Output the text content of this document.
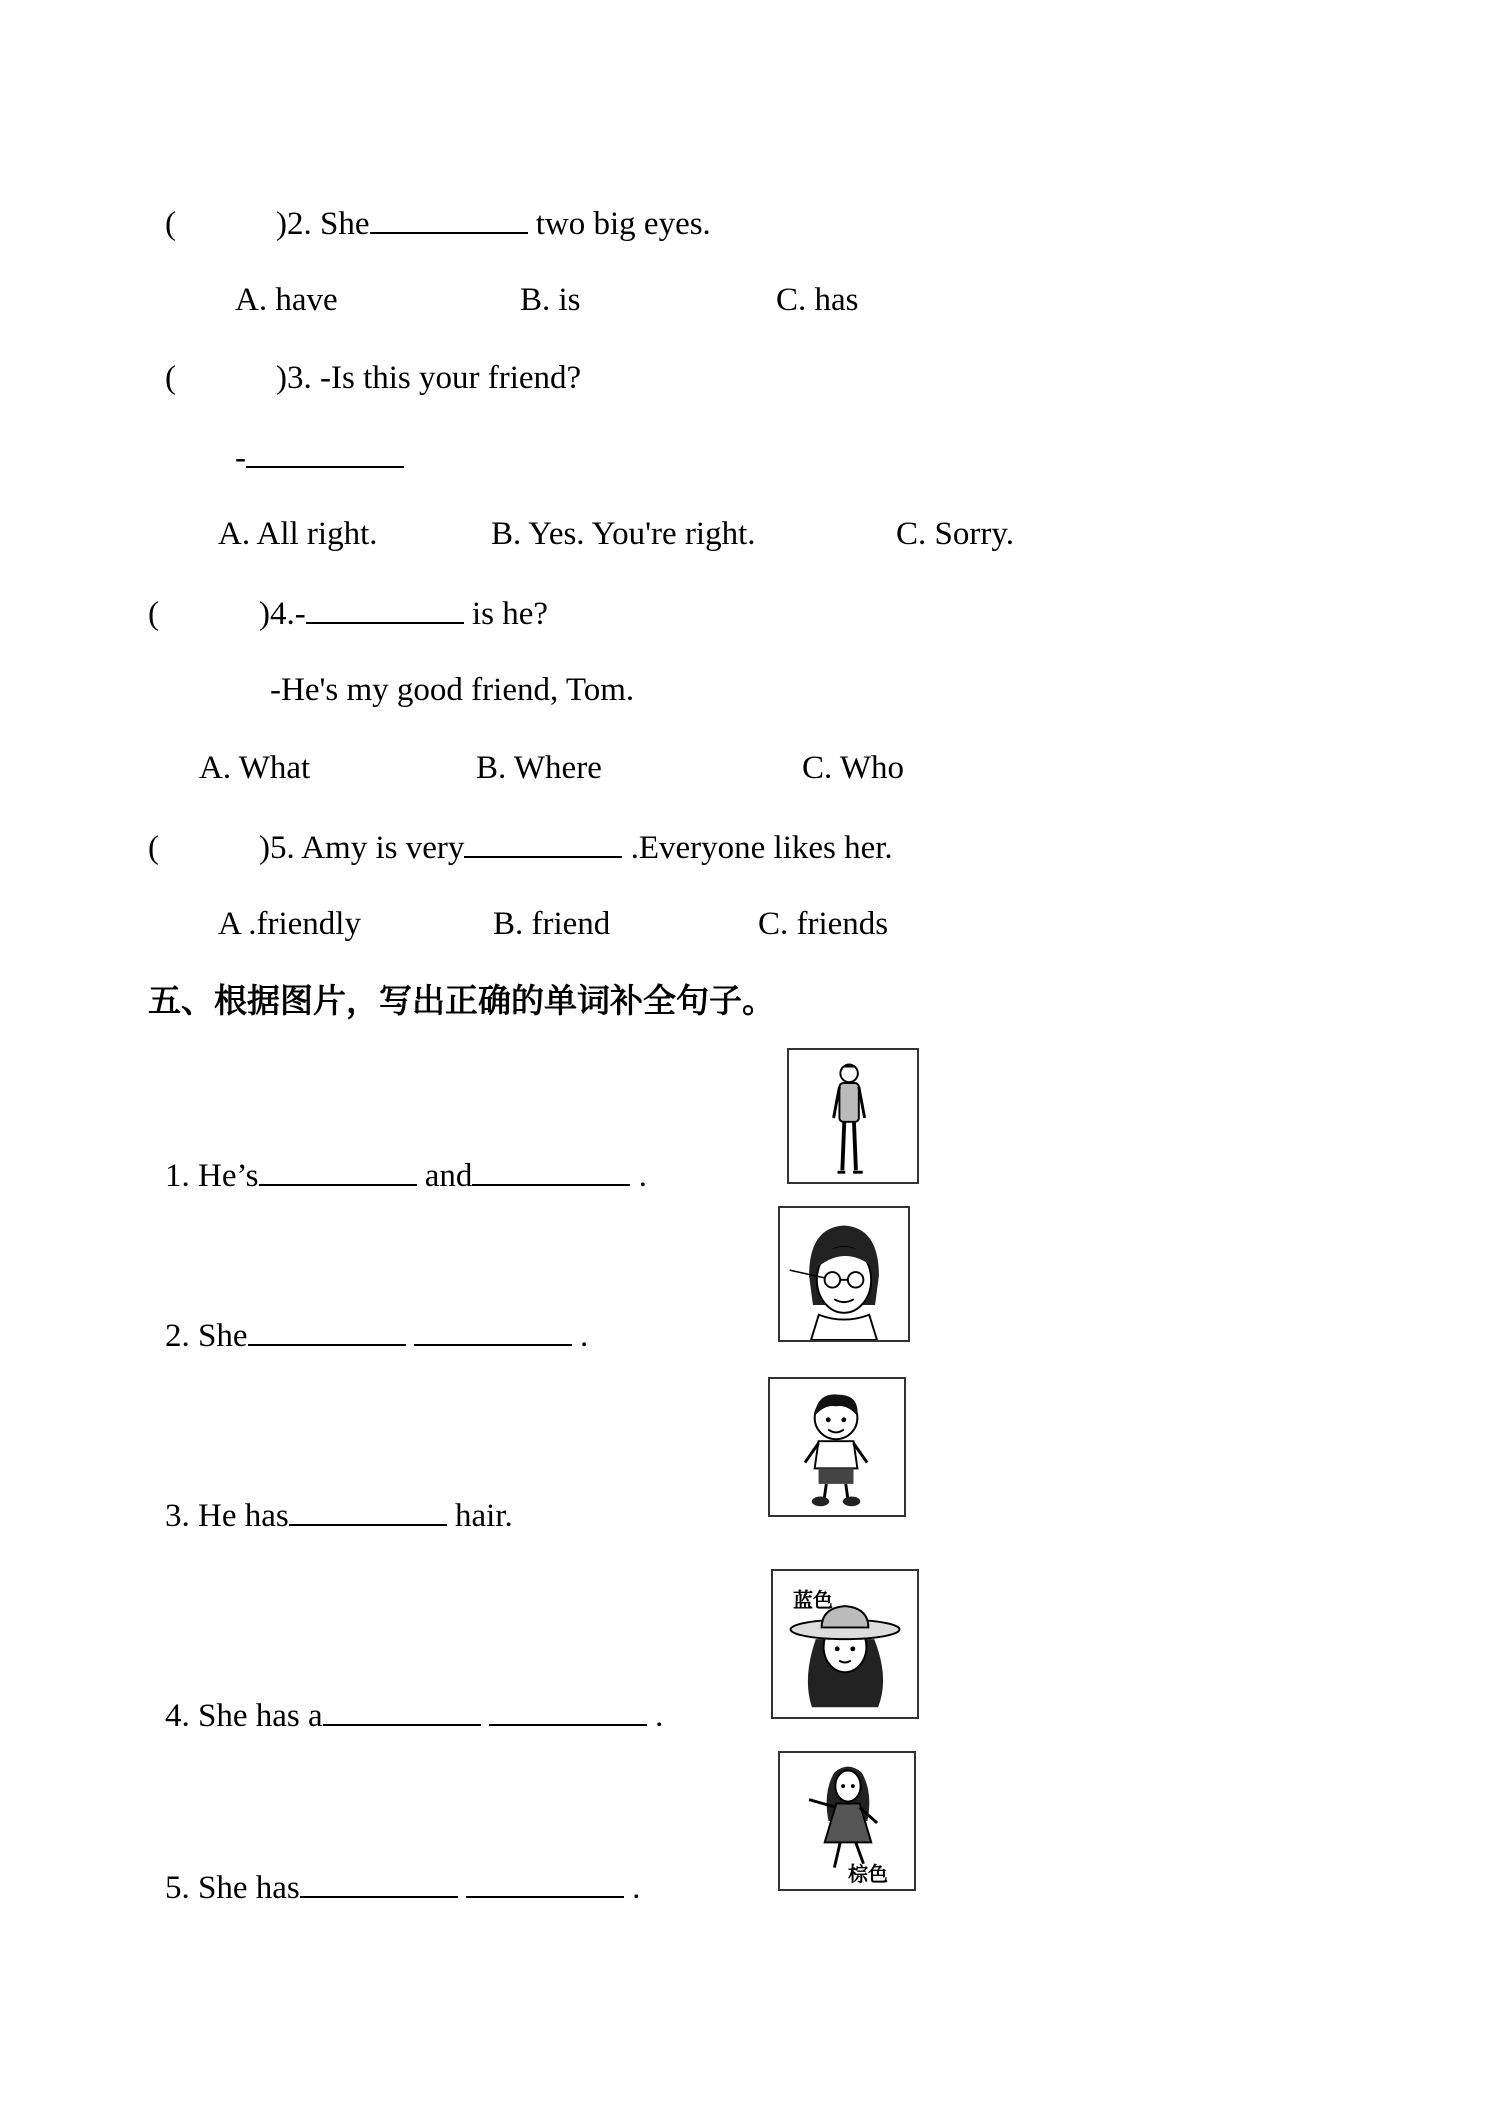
(	)2. She	two big eyes.
A. have	B. is	C. has
(	)3. -Is this your friend?
-
A. All right.	B. Yes. You're right.	C. Sorry.
(	)4.-	is he?
-He's my good friend, Tom.
A. What	B. Where	C. Who
(	)5. Amy is very	.Everyone likes her.
A .friendly	B. friend	C. friends
五、根据图片，写出正确的单词补全句子。
1. He’s	and	.
2. She	.
3. He has	hair.
4. She has a	.
蓝色
5. She has	.	棕色
